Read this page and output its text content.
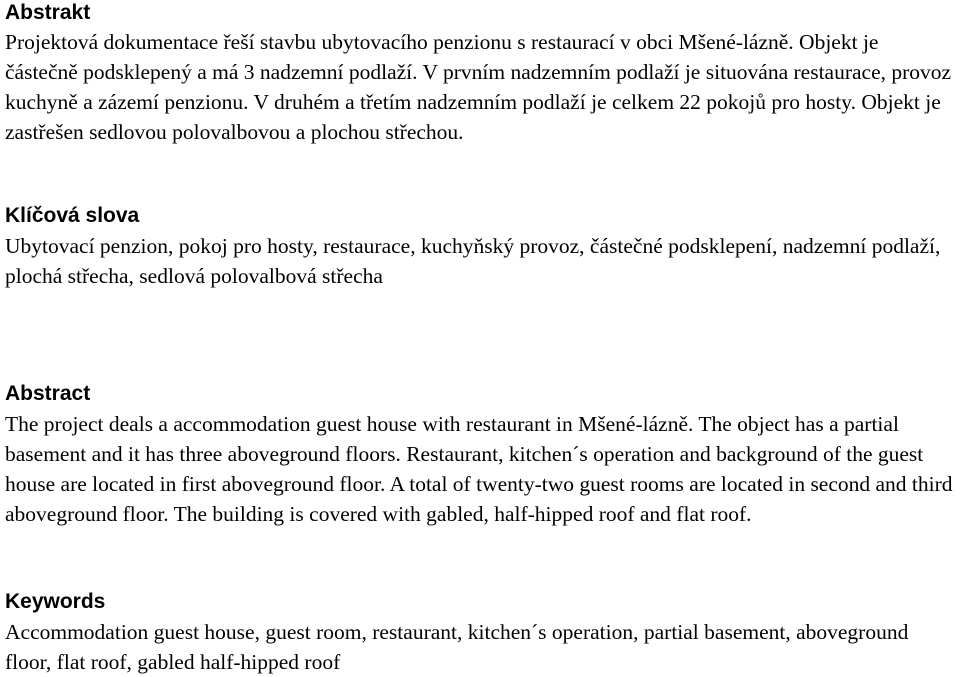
Abstrakt

Projektová dokumentace řeší stavbu ubytovacího penzionu s restaurací v obci Mšené-lázně. Objekt je částečně podsklepený a má 3 nadzemní podlaží. V prvním nadzemním podlaží je situována restaurace, provoz kuchyně a zázemí penzionu. V druhém a třetím nadzemním podlaží je celkem 22 pokojů pro hosty. Objekt je zastřešen sedlovou polovalbovou a plochou střechou.

Klíčová slova

Ubytovací penzion, pokoj pro hosty, restaurace, kuchyňský provoz, částečné podsklepení, nadzemní podlaží, plochá střecha, sedlová polovalbová střecha

Abstract

The project deals a accommodation guest house with restaurant in Mšené-lázně. The object has a partial basement and it has three aboveground floors. Restaurant, kitchen´s operation and background of the guest house are located in first aboveground floor. A total of twenty-two guest rooms are located in second and third aboveground floor. The building is covered with gabled, half-hipped roof and flat roof.

Keywords

Accommodation guest house, guest room, restaurant, kitchen´s operation, partial basement, aboveground floor, flat roof, gabled half-hipped roof
